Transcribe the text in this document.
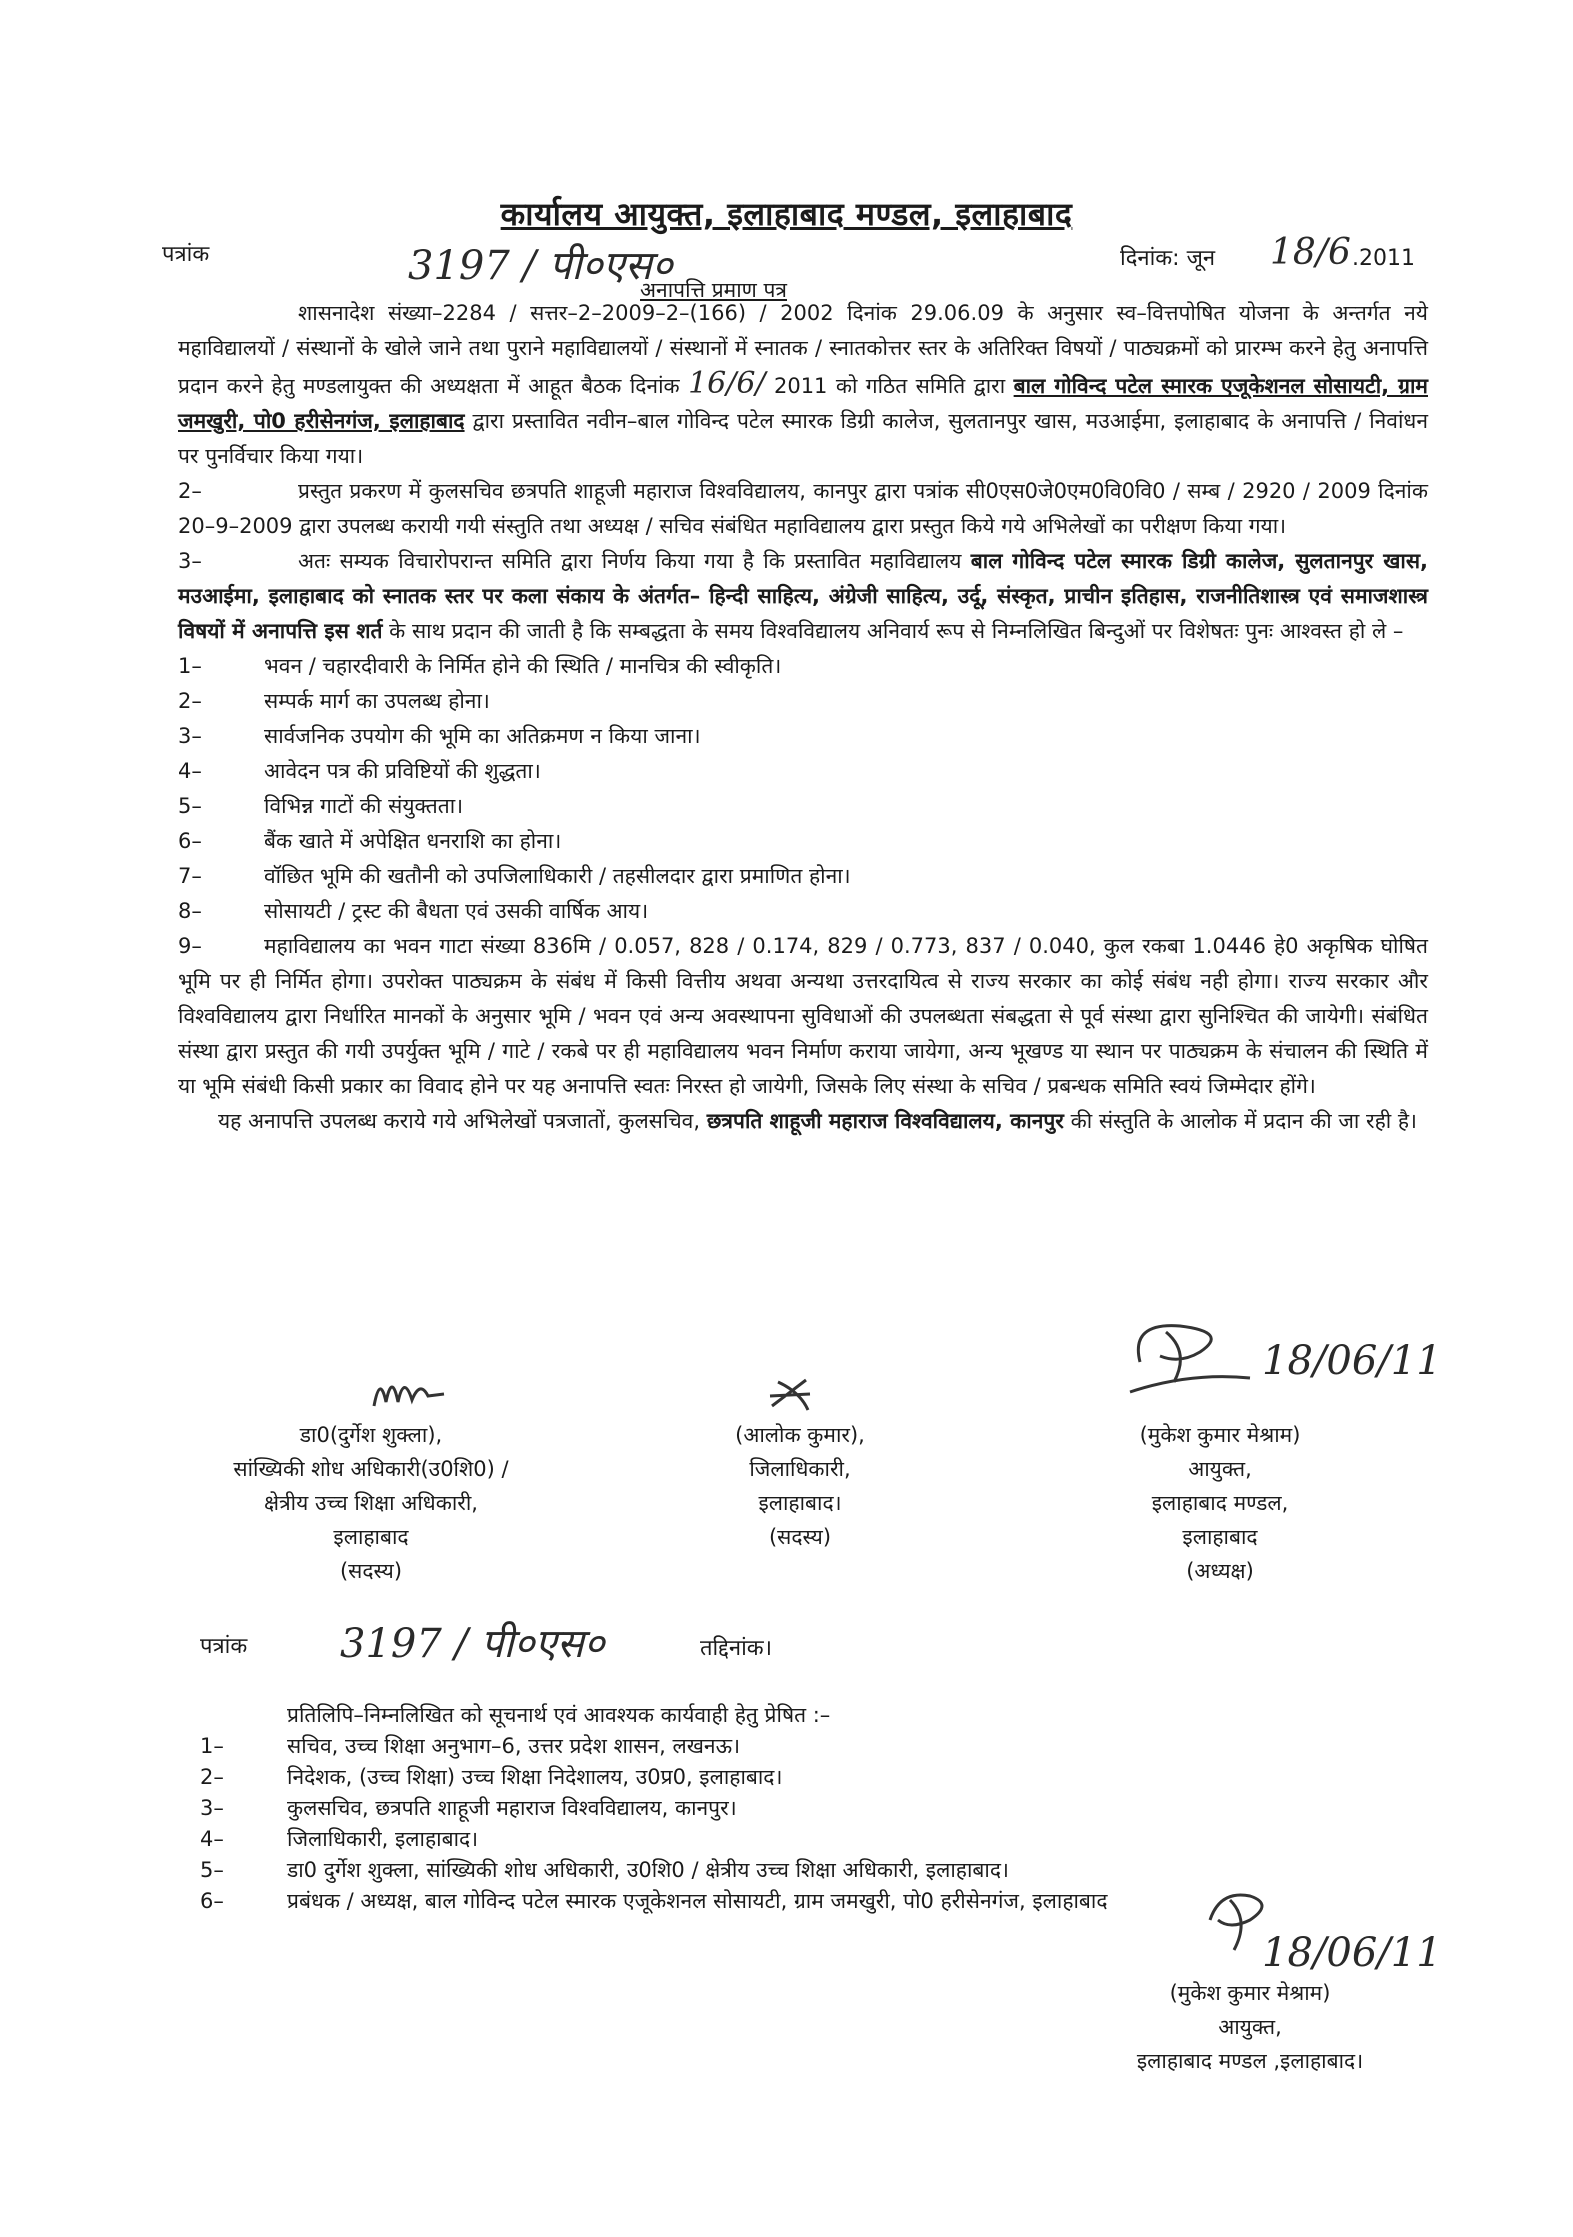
कार्यालय आयुक्त, इलाहाबाद मण्डल, इलाहाबाद
पत्रांक	3197 / पी०एस०	दिनांक: जून 18/6 .2011
अनापत्ति प्रमाण पत्र

शासनादेश संख्या–2284 / सत्तर–2–2009–2–(166) / 2002 दिनांक 29.06.09 के अनुसार स्व–वित्तपोषित योजना के अन्तर्गत नये महाविद्यालयों / संस्थानों के खोले जाने तथा पुराने महाविद्यालयों / संस्थानों में स्नातक / स्नातकोत्तर स्तर के अतिरिक्त विषयों / पाठ्यक्रमों को प्रारम्भ करने हेतु अनापत्ति प्रदान करने हेतु मण्डलायुक्त की अध्यक्षता में आहूत बैठक दिनांक 16/6/ 2011 को गठित समिति द्वारा बाल गोविन्द पटेल स्मारक एजूकेशनल सोसायटी, ग्राम जमखुरी, पो0 हरीसेनगंज, इलाहाबाद द्वारा प्रस्तावित नवीन–बाल गोविन्द पटेल स्मारक डिग्री कालेज, सुलतानपुर खास, मउआईमा, इलाहाबाद के अनापत्ति / निवांधन पर पुनर्विचार किया गया।

2–	प्रस्तुत प्रकरण में कुलसचिव छत्रपति शाहूजी महाराज विश्वविद्यालय, कानपुर द्वारा पत्रांक सी0एस0जे0एम0वि0वि0 / सम्ब / 2920 / 2009 दिनांक 20–9–2009 द्वारा उपलब्ध करायी गयी संस्तुति तथा अध्यक्ष / सचिव संबंधित महाविद्यालय द्वारा प्रस्तुत किये गये अभिलेखों का परीक्षण किया गया।

3–	अतः सम्यक विचारोपरान्त समिति द्वारा निर्णय किया गया है कि प्रस्तावित महाविद्यालय बाल गोविन्द पटेल स्मारक डिग्री कालेज, सुलतानपुर खास, मउआईमा, इलाहाबाद को स्नातक स्तर पर कला संकाय के अंतर्गत– हिन्दी साहित्य, अंग्रेजी साहित्य, उर्दू, संस्कृत, प्राचीन इतिहास, राजनीतिशास्त्र एवं समाजशास्त्र विषयों में अनापत्ति इस शर्त के साथ प्रदान की जाती है कि सम्बद्धता के समय विश्वविद्यालय अनिवार्य रूप से निम्नलिखित बिन्दुओं पर विशेषतः पुनः आश्वस्त हो ले –

1–	भवन / चहारदीवारी के निर्मित होने की स्थिति / मानचित्र की स्वीकृति।
2–	सम्पर्क मार्ग का उपलब्ध होना।
3–	सार्वजनिक उपयोग की भूमि का अतिक्रमण न किया जाना।
4–	आवेदन पत्र की प्रविष्टियों की शुद्धता।
5–	विभिन्न गाटों की संयुक्तता।
6–	बैंक खाते में अपेक्षित धनराशि का होना।
7–	वॉछित भूमि की खतौनी को उपजिलाधिकारी / तहसीलदार द्वारा प्रमाणित होना।
8–	सोसायटी / ट्रस्ट की बैधता एवं उसकी वार्षिक आय।

9–	महाविद्यालय का भवन गाटा संख्या 836मि / 0.057, 828 / 0.174, 829 / 0.773, 837 / 0.040, कुल रकबा 1.0446 हे0 अकृषिक घोषित भूमि पर ही निर्मित होगा। उपरोक्त पाठ्यक्रम के संबंध में किसी वित्तीय अथवा अन्यथा उत्तरदायित्व से राज्य सरकार का कोई संबंध नही होगा। राज्य सरकार और विश्वविद्यालय द्वारा निर्धारित मानकों के अनुसार भूमि / भवन एवं अन्य अवस्थापना सुविधाओं की उपलब्धता संबद्धता से पूर्व संस्था द्वारा सुनिश्चित की जायेगी। संबंधित संस्था द्वारा प्रस्तुत की गयी उपर्युक्त भूमि / गाटे / रकबे पर ही महाविद्यालय भवन निर्माण कराया जायेगा, अन्य भूखण्ड या स्थान पर पाठ्यक्रम के संचालन की स्थिति में या भूमि संबंधी किसी प्रकार का विवाद होने पर यह अनापत्ति स्वतः निरस्त हो जायेगी, जिसके लिए संस्था के सचिव / प्रबन्धक समिति स्वयं जिम्मेदार होंगे।

यह अनापत्ति उपलब्ध कराये गये अभिलेखों पत्रजातों, कुलसचिव, छत्रपति शाहूजी महाराज विश्वविद्यालय, कानपुर की संस्तुति के आलोक में प्रदान की जा रही है।

18/06/11
डा0(दुर्गेश शुक्ला),
सांख्यिकी शोध अधिकारी(उ0शि0) /
क्षेत्रीय उच्च शिक्षा अधिकारी,
इलाहाबाद
(सदस्य)
(आलोक कुमार),
जिलाधिकारी,
इलाहाबाद।
(सदस्य)
(मुकेश कुमार मेश्राम)
आयुक्त,
इलाहाबाद मण्डल,
इलाहाबाद
(अध्यक्ष)
पत्रांक 3197 / पी०एस०	तद्दिनांक।
प्रतिलिपि–निम्नलिखित को सूचनार्थ एवं आवश्यक कार्यवाही हेतु प्रेषित :–
1–	सचिव, उच्च शिक्षा अनुभाग–6, उत्तर प्रदेश शासन, लखनऊ।
2–	निदेशक, (उच्च शिक्षा) उच्च शिक्षा निदेशालय, उ0प्र0, इलाहाबाद।
3–	कुलसचिव, छत्रपति शाहूजी महाराज विश्वविद्यालय, कानपुर।
4–	जिलाधिकारी, इलाहाबाद।
5–	डा0 दुर्गेश शुक्ला, सांख्यिकी शोध अधिकारी, उ0शि0 / क्षेत्रीय उच्च शिक्षा अधिकारी, इलाहाबाद।
6–	प्रबंधक / अध्यक्ष, बाल गोविन्द पटेल स्मारक एजूकेशनल सोसायटी, ग्राम जमखुरी, पो0 हरीसेनगंज, इलाहाबाद
18/06/11
(मुकेश कुमार मेश्राम)
आयुक्त,
इलाहाबाद मण्डल ,इलाहाबाद।
